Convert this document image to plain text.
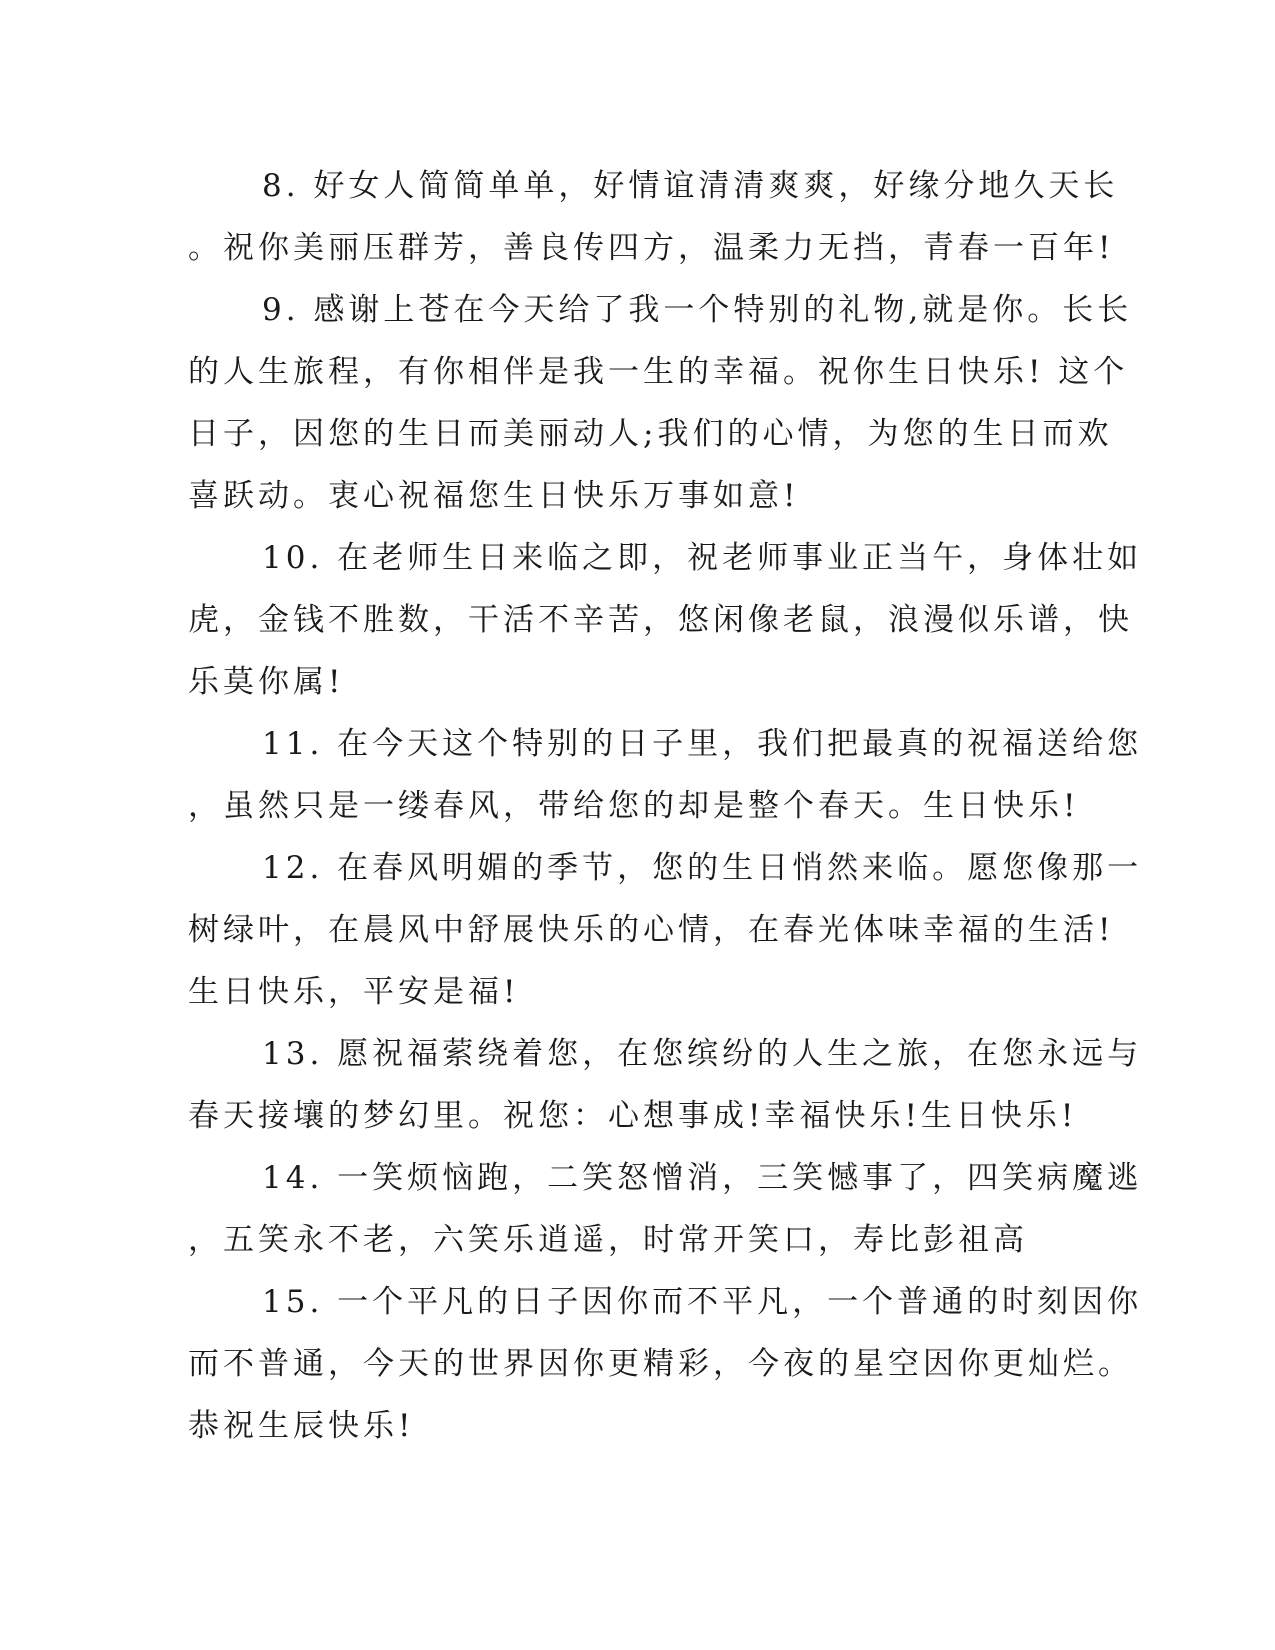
8. 好女人简简单单，好情谊清清爽爽，好缘分地久天长
。祝你美丽压群芳，善良传四方，温柔力无挡，青春一百年!
9. 感谢上苍在今天给了我一个特别的礼物,就是你。长长
的人生旅程，有你相伴是我一生的幸福。祝你生日快乐! 这个
日子，因您的生日而美丽动人;我们的心情，为您的生日而欢
喜跃动。衷心祝福您生日快乐万事如意!
10. 在老师生日来临之即，祝老师事业正当午，身体壮如
虎，金钱不胜数，干活不辛苦，悠闲像老鼠，浪漫似乐谱，快
乐莫你属!
11. 在今天这个特别的日子里，我们把最真的祝福送给您
，虽然只是一缕春风，带给您的却是整个春天。生日快乐!
12. 在春风明媚的季节，您的生日悄然来临。愿您像那一
树绿叶，在晨风中舒展快乐的心情，在春光体味幸福的生活!
生日快乐，平安是福!
13. 愿祝福萦绕着您，在您缤纷的人生之旅，在您永远与
春天接壤的梦幻里。祝您：心想事成!幸福快乐!生日快乐!
14. 一笑烦恼跑，二笑怒憎消，三笑憾事了，四笑病魔逃
，五笑永不老，六笑乐逍遥，时常开笑口，寿比彭祖高
15. 一个平凡的日子因你而不平凡，一个普通的时刻因你
而不普通，今天的世界因你更精彩，今夜的星空因你更灿烂。
恭祝生辰快乐!
